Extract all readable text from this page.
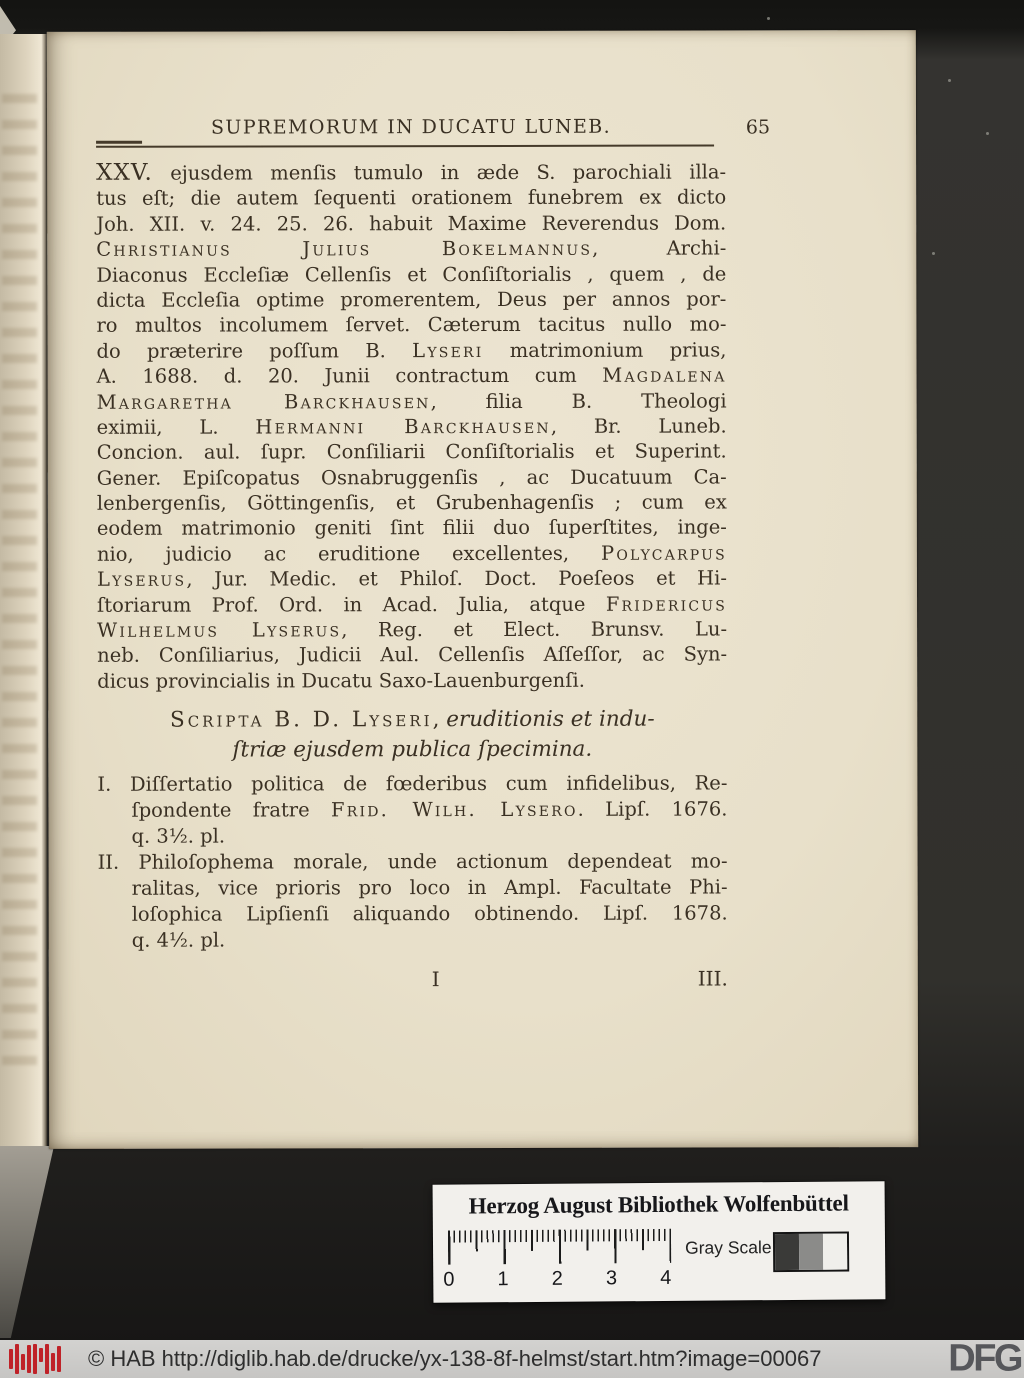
SUPREMORUM IN DUCATU LUNEB.	65
XXV. ejusdem menſis tumulo in æde S. parochiali illa-
tus eſt; die autem ſequenti orationem funebrem ex dicto
Joh. XII. v. 24. 25. 26. habuit Maxime Reverendus Dom.
Christianus Julius Bokelmannus, Archi-
Diaconus Eccleſiæ Cellenſis et Conſiſtorialis , quem , de
dicta Eccleſia optime promerentem, Deus per annos por-
ro multos incolumem ſervet. Cæterum tacitus nullo mo-
do præterire poſſum B. Lyseri matrimonium prius,
A. 1688. d. 20. Junii contractum cum Magdalena
Margaretha Barckhausen, filia B. Theologi
eximii, L. Hermanni Barckhausen, Br. Luneb.
Concion. aul. ſupr. Conſiliarii Conſiſtorialis et Superint.
Gener. Epiſcopatus Osnabruggenſis , ac Ducatuum Ca-
lenbergenſis, Göttingenſis, et Grubenhagenſis ; cum ex
eodem matrimonio geniti ſint filii duo ſuperſtites, inge-
nio, judicio ac eruditione excellentes, Polycarpus
Lyserus, Jur. Medic. et Philoſ. Doct. Poeſeos et Hi-
ſtoriarum Prof. Ord. in Acad. Julia, atque Fridericus
Wilhelmus Lyserus, Reg. et Elect. Brunsv. Lu-
neb. Conſiliarius, Judicii Aul. Cellenſis Aſſeſſor, ac Syn-
dicus provincialis in Ducatu Saxo-Lauenburgenſi.
Scripta B. D. Lyseri, eruditionis et indu-
ſtriæ ejusdem publica ſpecimina.
I. Diſſertatio politica de fœderibus cum infidelibus, Re-
ſpondente fratre Frid. Wilh. Lysero. Lipſ. 1676.
q. 3½. pl.
II. Philoſophema morale, unde actionum dependeat mo-
ralitas, vice prioris pro loco in Ampl. Facultate Phi-
loſophica Lipſienſi aliquando obtinendo. Lipſ. 1678.
q. 4½. pl.
I	III.
Herzog August Bibliothek Wolfenbüttel
0 1 2 3 4
Gray Scale
© HAB http://diglib.hab.de/drucke/yx-138-8f-helmst/start.htm?image=00067	DFG
